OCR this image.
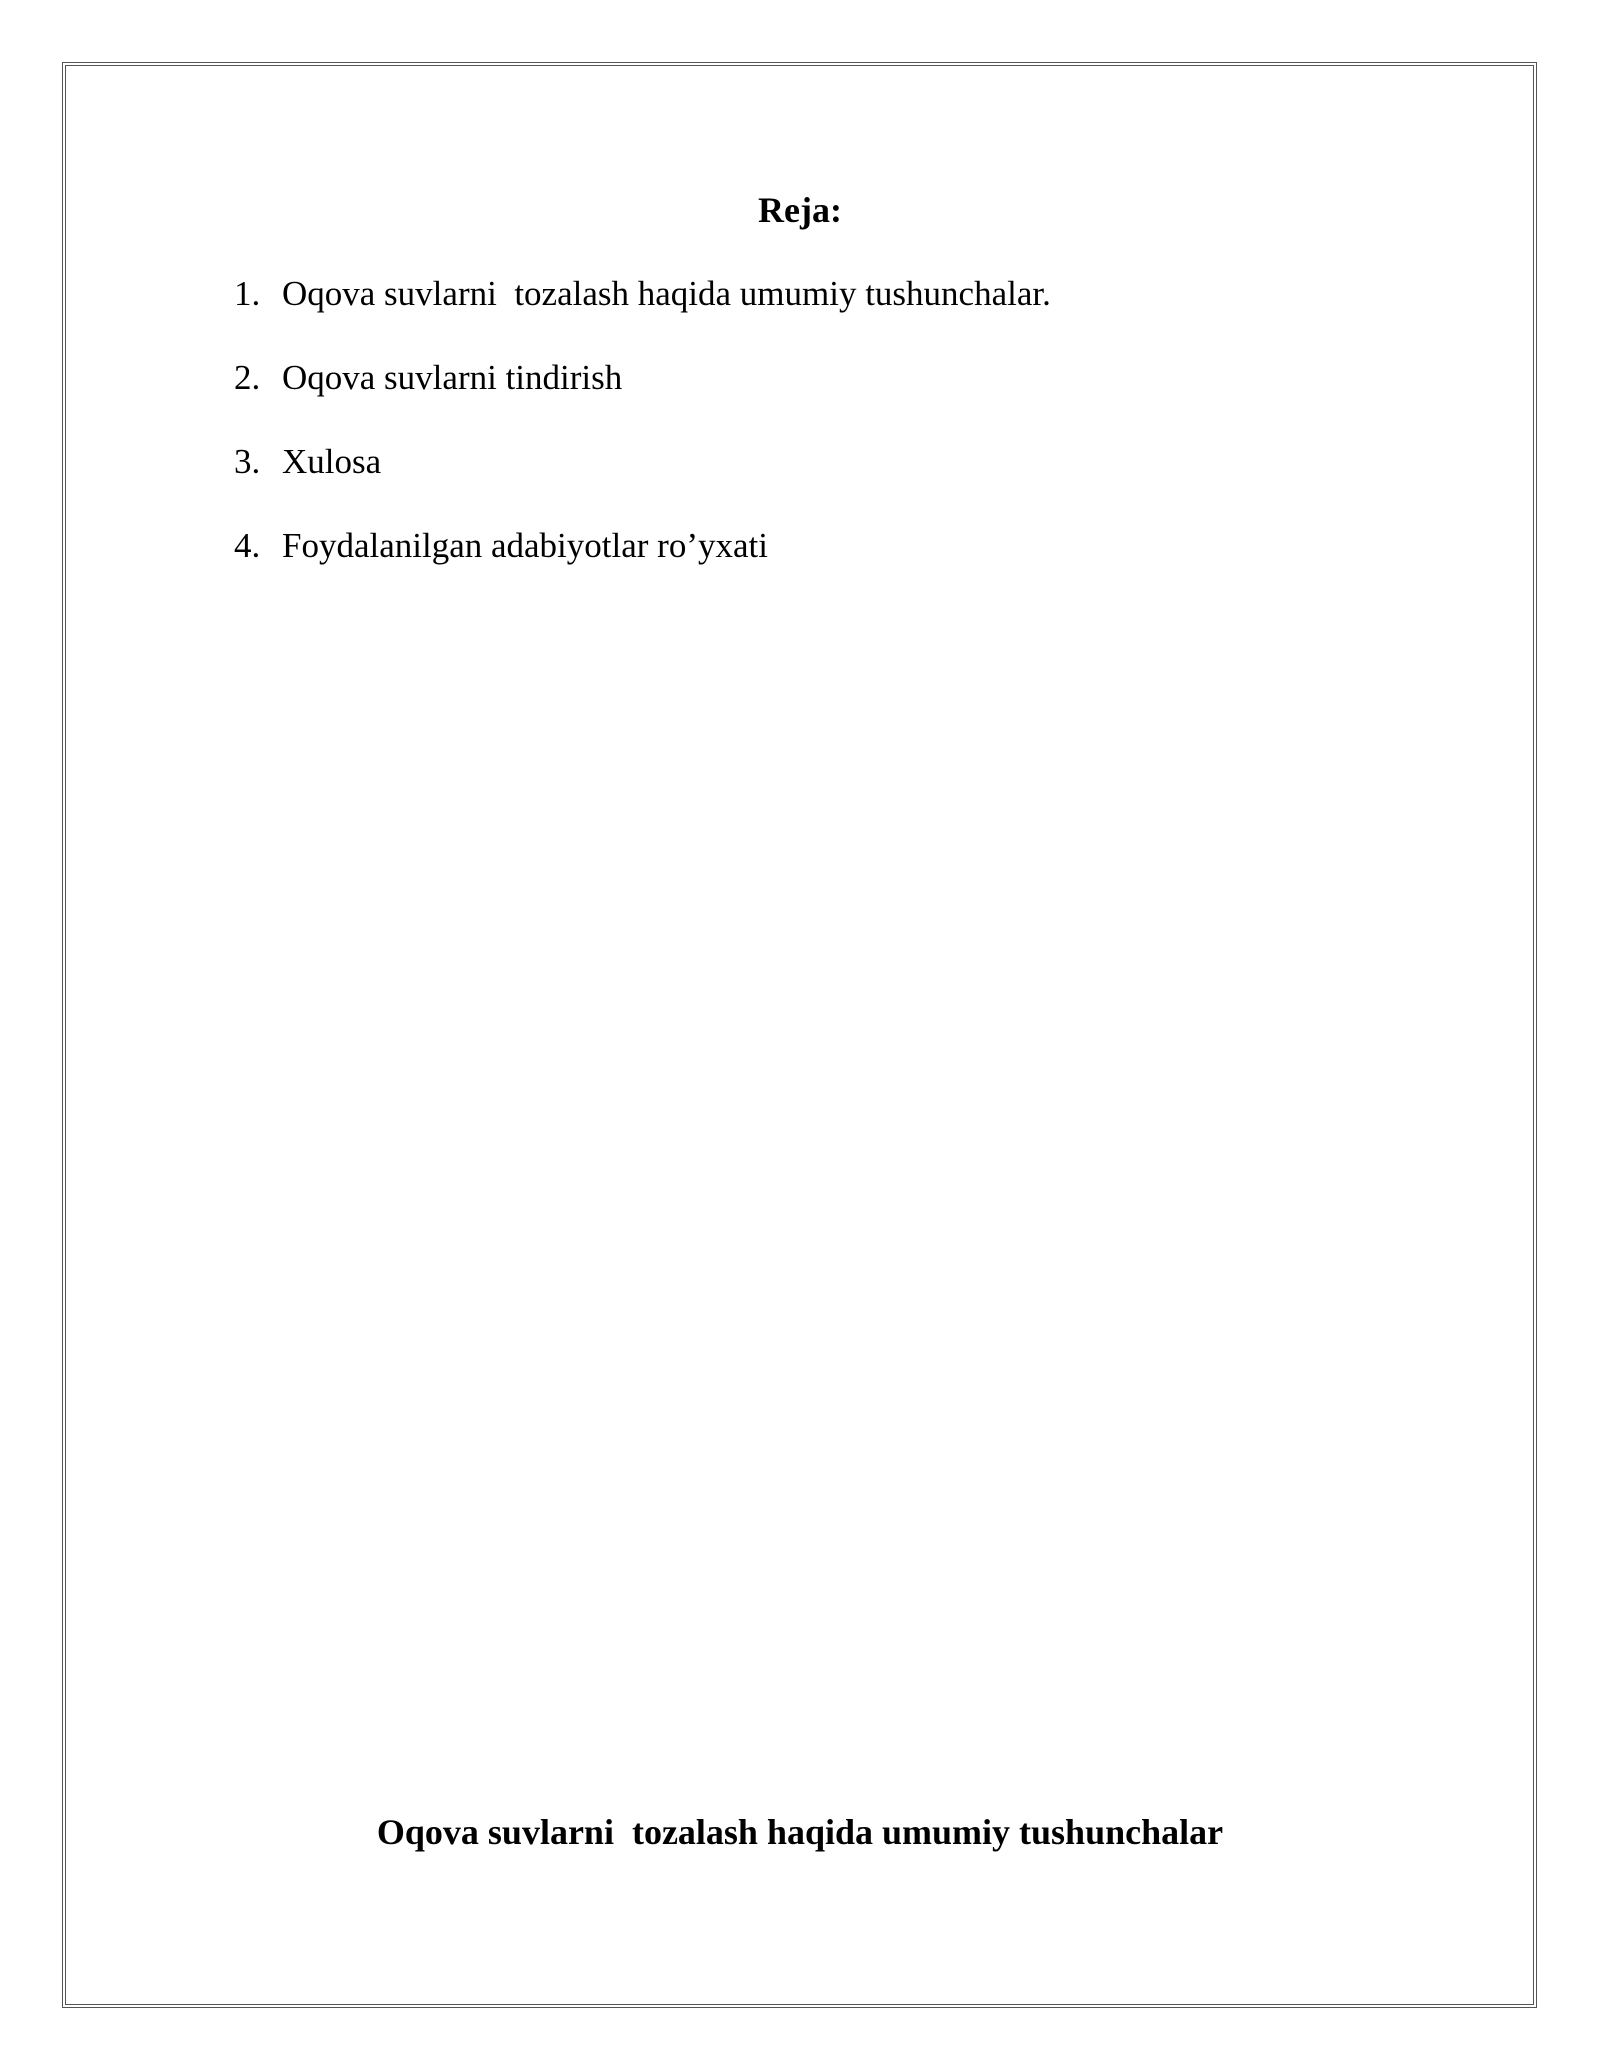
Reja:
1. Oqova suvlarni  tozalash haqida umumiy tushunchalar.
2. Oqova suvlarni tindirish
3. Xulosa
4. Foydalanilgan adabiyotlar ro’yxati
Oqova suvlarni  tozalash haqida umumiy tushunchalar
